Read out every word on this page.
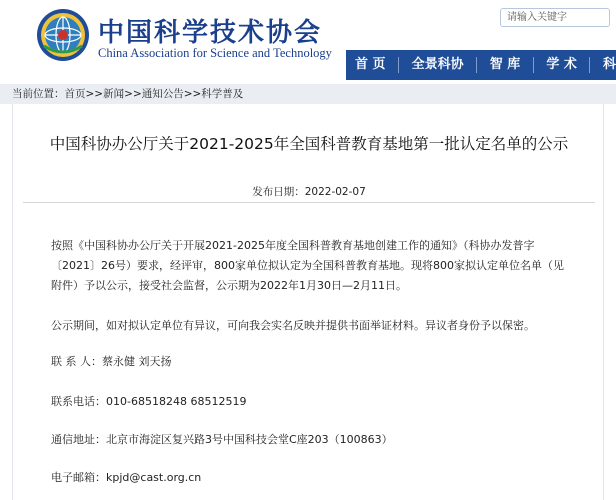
中国科学技术协会
China Association for Science and Technology
请输入关键字
首 页 全景科协 智 库 学 术 科
当前位置：首页>>新闻>>通知公告>>科学普及
中国科协办公厅关于2021-2025年全国科普教育基地第一批认定名单的公示
发布日期：2022-02-07
按照《中国科协办公厅关于开展2021-2025年度全国科普教育基地创建工作的通知》（科协办发普字〔2021〕26号）要求，经评审，800家单位拟认定为全国科普教育基地。现将800家拟认定单位名单（见附件）予以公示，接受社会监督，公示期为2022年1月30日—2月11日。
公示期间，如对拟认定单位有异议，可向我会实名反映并提供书面举证材料。异议者身份予以保密。
联 系 人：蔡永健 刘天扬
联系电话：010-68518248 68512519
通信地址：北京市海淀区复兴路3号中国科技会堂C座203（100863）
电子邮箱：kpjd@cast.org.cn
